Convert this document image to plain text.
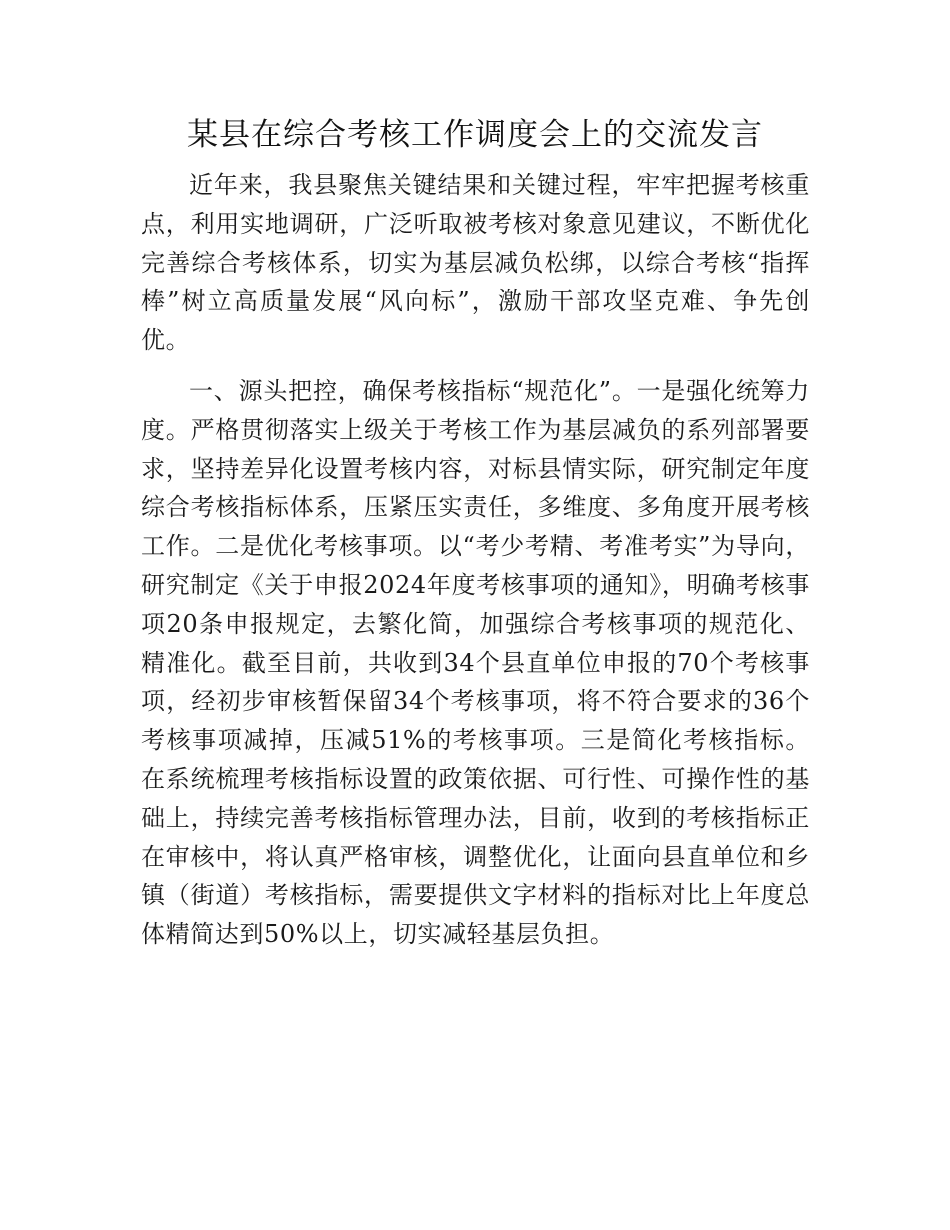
某县在综合考核工作调度会上的交流发言

近年来，我县聚焦关键结果和关键过程，牢牢把握考核重点，利用实地调研，广泛听取被考核对象意见建议，不断优化完善综合考核体系，切实为基层减负松绑，以综合考核“指挥棒”树立高质量发展“风向标”，激励干部攻坚克难、争先创优。

一、源头把控，确保考核指标“规范化”。一是强化统筹力度。严格贯彻落实上级关于考核工作为基层减负的系列部署要求，坚持差异化设置考核内容，对标县情实际，研究制定年度综合考核指标体系，压紧压实责任，多维度、多角度开展考核工作。二是优化考核事项。以“考少考精、考准考实”为导向，研究制定《关于申报2024年度考核事项的通知》，明确考核事项20条申报规定，去繁化简，加强综合考核事项的规范化、精准化。截至目前，共收到34个县直单位申报的70个考核事项，经初步审核暂保留34个考核事项，将不符合要求的36个考核事项减掉，压减51%的考核事项。三是简化考核指标。在系统梳理考核指标设置的政策依据、可行性、可操作性的基础上，持续完善考核指标管理办法，目前，收到的考核指标正在审核中，将认真严格审核，调整优化，让面向县直单位和乡镇（街道）考核指标，需要提供文字材料的指标对比上年度总体精简达到50%以上，切实减轻基层负担。
